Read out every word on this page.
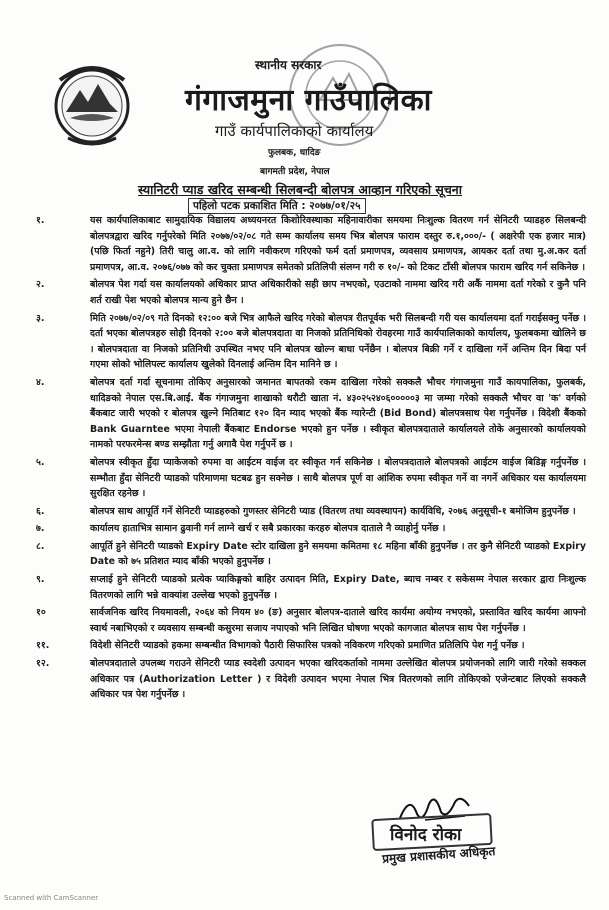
स्थानीय सरकार
गंगाजमुना गाउँपालिका
गाउँ कार्यपालिकाको कार्यालय
फुलबक, धादिङ
बागमती प्रदेश, नेपाल
स्यानिटरी प्याड खरिद सम्बन्धी सिलबन्दी बोलपत्र आव्हान गरिएको सूचना
पहिलो पटक प्रकाशित मिति : २०७७/०१/२५
१.	यस कार्यपालिकाबाट सामुदायिक विद्यालय अध्ययनरत किशोरिवस्थाका महिनावारीका समयमा निःशुल्क वितरण गर्न सेनिटरी प्याडहरु सिलबन्दी बोलपत्रद्वारा खरिद गर्नुपरेको मिति २०७७/०२/०८ गते सम्म कार्यालय समय भित्र बोलपत्र फाराम दस्तुर रु.१,०००/- ( अक्षरेपी एक हजार मात्र) (पछि फिर्ता नहुने) तिरी चालु आ.व. को लागि नवीकरण गरिएको फर्म दर्ता प्रमाणपत्र, व्यवसाय प्रमाणपत्र, आयकर दर्ता तथा मु.अ.कर दर्ता प्रमाणपत्र, आ.व. २०७६/०७७ को कर चुक्ता प्रमाणपत्र समेतको प्रतिलिपी संलग्न गरी रु १०/- को टिकट टाँसी बोलपत्र फाराम खरिद गर्न सकिनेछ ।
२.	बोलपत्र पेश गर्दा यस कार्यालयको अधिकार प्राप्त अधिकारीको सही छाप नभएको, एउटाको नाममा खरिद गरी अर्कै नाममा दर्ता गरेको र कुनै पनि शर्त राखी पेश भएको बोलपत्र मान्य हुने छैन ।
३.	मिति २०७७/०२/०९ गते दिनको १२:०० बजे भित्र आफैले खरिद गरेको बोलपत्र रीतपूर्वक भरी सिलबन्दी गरी यस कार्यालयमा दर्ता गराईसक्नु पर्नेछ । दर्ता भएका बोलपत्रहरु सोही दिनको २:०० बजे बोलपत्रदाता वा निजको प्रतिनिधिको रोवहरमा गाउँ कार्यपालिकाको कार्यालय, फुलबकमा खोलिने छ । बोलपत्रदाता वा निजको प्रतिनिधी उपस्थित नभए पनि बोलपत्र खोल्न बाधा पर्नेछैन । बोलपत्र बिक्री गर्ने र दाखिला गर्ने अन्तिम दिन बिदा पर्न गएमा सोको भोलिपल्ट कार्यालय खुलेको दिनलाई अन्तिम दिन मानिने छ ।
४.	बोलपत्र दर्ता गर्दा सूचनामा तोकिए अनुसारको जमानत बापतको रकम दाखिला गरेको सक्कलै भौचर गंगाजमुना गाउँ कायपालिका, फुलबर्क, धादिङको नेपाल एस.बि.आई. बैंक गंगाजमुना शाखाको धरौटी खाता नं. ४३०२५२४०६०००००३ मा जम्मा गरेको सक्कलै भौचर वा 'क' वर्गको बैंकबाट जारी भएको र बोलपत्र खुल्ने मितिबाट १२० दिन म्याद भएको बैंक ग्यारेन्टी (Bid Bond) बोलपत्रसाथ पेश गर्नुपर्नेछ । विदेशी बैंकको Bank Guarntee भएमा नेपाली बैंकबाट Endorse भएको हुन पर्नेछ । स्वीकृत बोलपत्रदाताले कार्यालयले तोके अनुसारको कार्यालयको नामको परफरमेन्स बण्ड सम्झौता गर्नु अगावै पेश गर्नुपर्ने छ ।
५.	बोलपत्र स्वीकृत हुँदा प्याकेजको रुपमा वा आईटम वाईज दर स्वीकृत गर्न सकिनेछ । बोलपत्रदाताले बोलपत्रको आईटम वाईज बिडिङ्ग गर्नुपर्नेछ । सम्भौता हुँदा सेनिटरी प्याडको परिमाणमा घटबढ हुन सक्नेछ । साथै बोलपत्र पूर्ण वा आंशिक रुपमा स्वीकृत गर्ने वा नगर्ने अधिकार यस कार्यालयमा सुरक्षित रहनेछ ।
६.	बोलपत्र साथ आपूर्ति गर्ने सेनिटरी प्याडहरुको गुणस्तर सेनिटरी प्याड (वितरण तथा व्यवस्थापन) कार्यविधि, २०७६ अनुसूची-१ बमोजिम हुनुपर्नेछ ।
७.	कार्यालय हाताभित्र सामान ढुवानी गर्न लाग्ने खर्च र सबै प्रकारका करहरु बोलपत्र दाताले नै व्याहोर्नु पर्नेछ ।
८.	आपूर्ति हुने सेनिटरी प्याडको Expiry Date स्टोर दाखिला हुने समयमा कमितमा १८ महिना बाँकी हुनुपर्नेछ । तर कुनै सेनिटरी प्याडको Expiry Date को ७५ प्रतिशत म्याद बाँकी भएको हुनुपर्नेछ ।
९.	सप्लाई हुने सेनिटरी प्याडको प्रत्येक प्याकिङ्गको बाहिर उत्पादन मिति, Expiry Date, ब्याच नम्बर र सकेसम्म नेपाल सरकार द्वारा निःशुल्क वितरणको लागि भन्ने वाक्यांश उल्लेख भएको हुनुपर्नेछ ।
१०	सार्वजनिक खरिद नियमावली, २०६४ को नियम ४० (ङ) अनुसार बोलपत्र-दाताले खरिद कार्यमा अयोग्य नभएको, प्रस्तावित खरिद कार्यमा आफ्नो स्वार्थ नबाभिएको र व्यवसाय सम्बन्धी कसुरमा सजाय नपाएको भनि लिखित घोषणा भएको कागजात बोलपत्र साथ पेश गर्नुपर्नेछ ।
११.	विदेशी सेनिटरी प्याडको हकमा सम्बन्धीत विभागको पैठारी सिफारिस पत्रको नविकरण गरिएको प्रमाणित प्रतिलिपि पेश गर्नु पर्नेछ ।
१२.	बोलपत्रदाताले उपलब्ध गराउने सेनिटरी प्याड स्वदेशी उत्पादन भएका खरिदकर्ताको नाममा उल्लेखित बोलपत्र प्रयोजनको लागि जारी गरेको सक्कल अधिकार पत्र (Authorization Letter ) र विदेशी उत्पादन भएमा नेपाल भित्र वितरणको लागि तोकिएको एजेन्टबाट लिएको सक्कलै अधिकार पत्र पेश गर्नुपर्नेछ ।
विनोद रोका
प्रमुख प्रशासकीय अधिकृत
Scanned with CamScanner
